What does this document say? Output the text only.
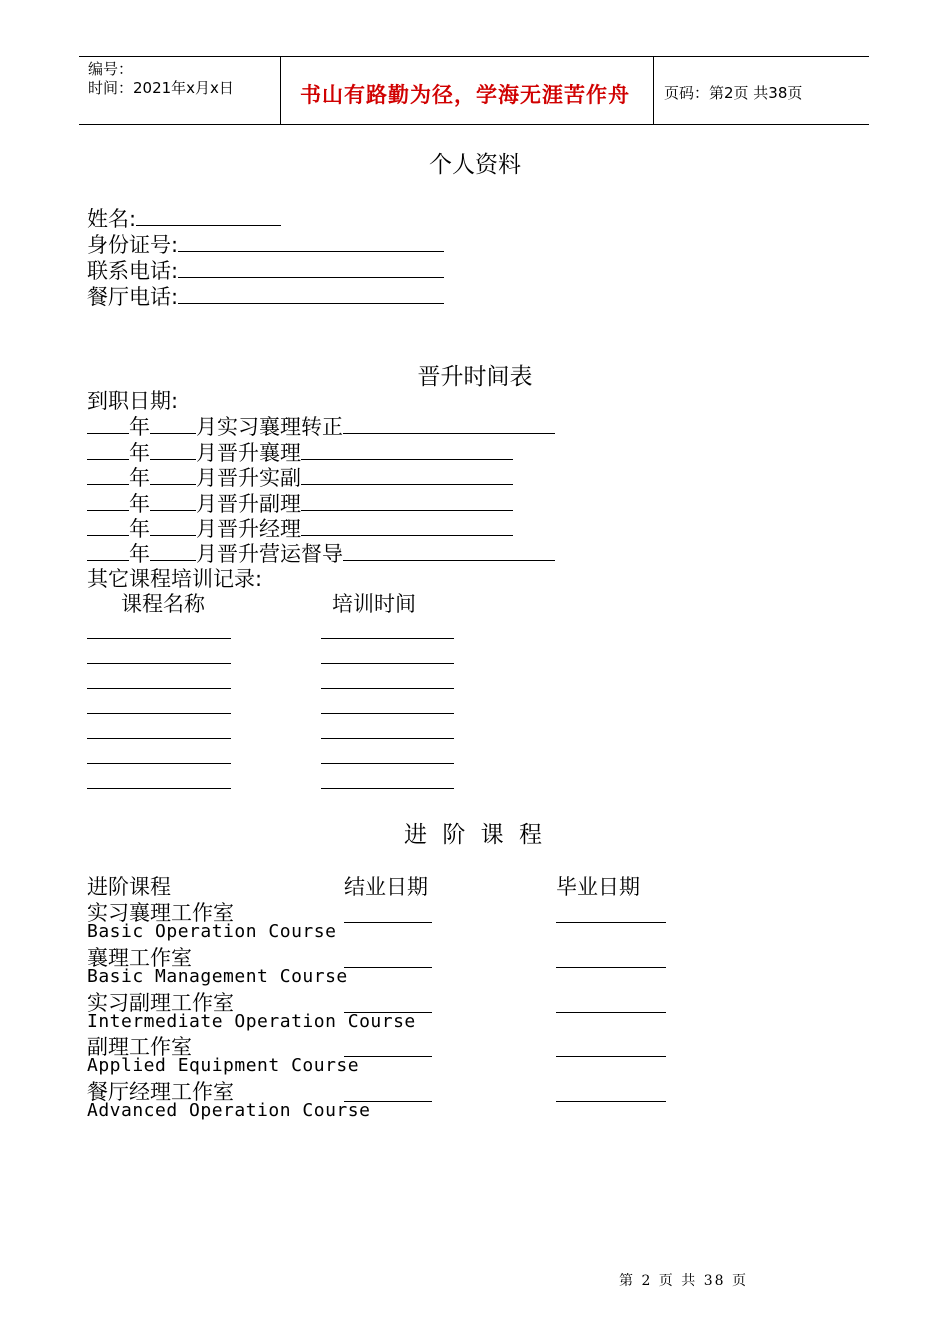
编号：
时间：2021年x月x日	书山有路勤为径，学海无涯苦作舟 页码：第2页 共38页
个人资料
姓名:
身份证号:
联系电话:
餐厅电话:
晋升时间表
到职日期:
年 月实习襄理转正
年 月晋升襄理
年 月晋升实副
年 月晋升副理
年 月晋升经理
年 月晋升营运督导
其它课程培训记录:
课程名称	培训时间
进 阶 课 程
进阶课程	结业日期	毕业日期
实习襄理工作室
Basic Operation Course
襄理工作室
Basic Management Course
实习副理工作室
Intermediate Operation Course
副理工作室
Applied Equipment Course
餐厅经理工作室
Advanced Operation Course
第 2 页 共 38 页
